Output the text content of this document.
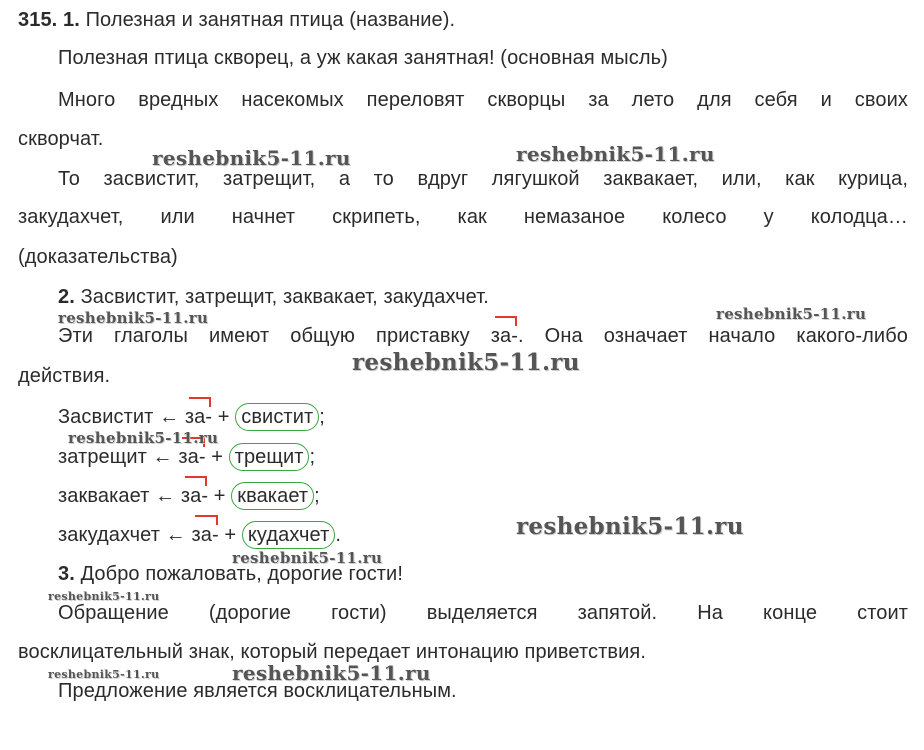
315. 1. Полезная и занятная птица (название).
Полезная птица скворец, а уж какая занятная! (основная мысль)
Много вредных насекомых переловят скворцы за лето для себя и своих
скворчат.
То засвистит, затрещит, а то вдруг лягушкой заквакает, или, как курица,
закудахчет, или начнет скрипеть, как немазаное колесо у колодца…
(доказательства)
2. Засвистит, затрещит, заквакает, закудахчет.
Эти глаголы имеют общую приставку
за-. Она означает начало какого-либо
действия.
Засвистит ← за- + свистит ;
затрещит ← за- + трещит ;
заквакает ← за- + квакает ;
закудахчет ← за- + кудахчет .
3. Добро пожаловать, дорогие гости!
Обращение (дорогие гости) выделяется запятой. На конце стоит
восклицательный знак, который передает интонацию приветствия.
Предложение является восклицательным.
reshebnik5-11.ru	reshebnik5-11.ru
reshebnik5-11.ru	reshebnik5-11.ru
reshebnik5-11.ru
reshebnik5-11.ru
reshebnik5-11.ru
reshebnik5-11.ru
reshebnik5-11.ru
reshebnik5-11.ru	reshebnik5-11.ru
